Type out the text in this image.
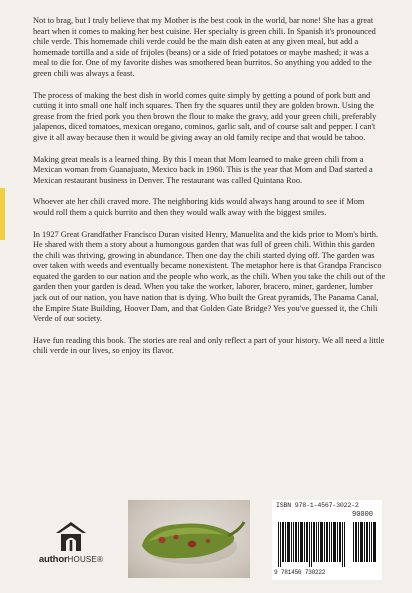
Not to brag, but I truly believe that my Mother is the best cook in the world, bar none! She has a great heart when it comes to making her best cuisine. Her specialty is green chili. In Spanish it's pronounced chile verde. This homemade chili verde could be the main dish eaten at any given meal, but add a homemade tortilla and a side of frijoles (beans) or a side of fried potatoes or maybe mashed; it was a meal to die for. One of my favorite dishes was smothered bean burritos. So anything you added to the green chili was always a feast.

The process of making the best dish in world comes quite simply by getting a pound of pork butt and cutting it into small one half inch squares. Then fry the squares until they are golden brown. Using the grease from the fried pork you then brown the flour to make the gravy, add your green chili, preferably jalapenos, diced tomatoes, mexican oregano, cominos, garlic salt, and of course salt and pepper. I can't give it all away because then it would be giving away an old family recipe and that would be taboo.

Making great meals is a learned thing. By this I mean that Mom learned to make green chili from a Mexican woman from Guanajuato, Mexico back in 1960. This is the year that Mom and Dad started a Mexican restaurant business in Denver. The restaurant was called Quintana Roo.

Whoever ate her chili craved more. The neighboring kids would always hang around to see if Mom would roll them a quick burrito and then they would walk away with the biggest smiles.

In 1927 Great Grandfather Francisco Duran visited Henry, Manuelita and the kids prior to Mom's birth. He shared with them a story about a humongous garden that was full of green chili. Within this garden the chili was thriving, growing in abundance. Then one day the chili started dying off. The garden was over taken with weeds and eventually became nonexistent. The metaphor here is that Grandpa Francisco equated the garden to our nation and the people who work, as the chili. When you take the chili out of the garden then your garden is dead. When you take the worker, laborer, bracero, miner, gardener, lumber jack out of our nation, you have nation that is dying. Who built the Great pyramids, The Panama Canal, the Empire State Building, Hoover Dam, and that Golden Gate Bridge? Yes you've guessed it, the Chili Verde of our society.

Have fun reading this book. The stories are real and only reflect a part of your history. We all need a little chili verde in our lives, so enjoy its flavor.

authorHOUSE®
ISBN 978-1-4567-3022-2
90000
9 781456 730222
